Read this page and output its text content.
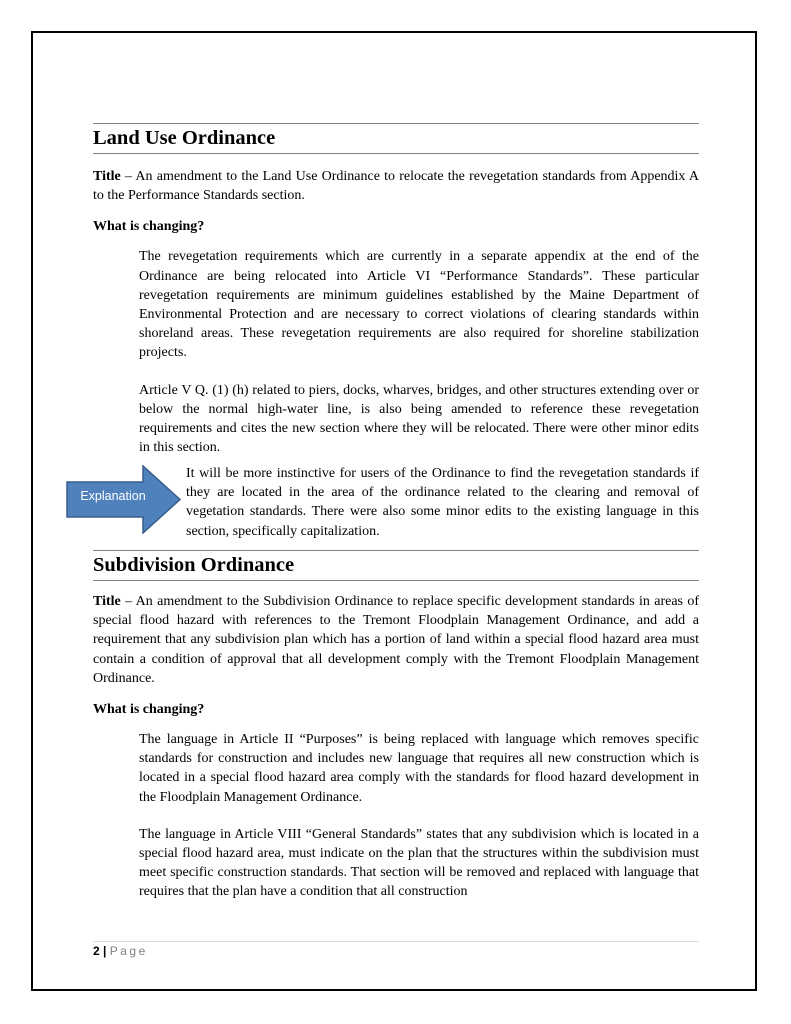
Land Use Ordinance

Title – An amendment to the Land Use Ordinance to relocate the revegetation standards from Appendix A to the Performance Standards section.

What is changing?

The revegetation requirements which are currently in a separate appendix at the end of the Ordinance are being relocated into Article VI “Performance Standards”. These particular revegetation requirements are minimum guidelines established by the Maine Department of Environmental Protection and are necessary to correct violations of clearing standards within shoreland areas. These revegetation requirements are also required for shoreline stabilization projects.

Article V Q. (1) (h) related to piers, docks, wharves, bridges, and other structures extending over or below the normal high-water line, is also being amended to reference these revegetation requirements and cites the new section where they will be relocated. There were other minor edits in this section.

Explanation

It will be more instinctive for users of the Ordinance to find the revegetation standards if they are located in the area of the ordinance related to the clearing and removal of vegetation standards. There were also some minor edits to the existing language in this section, specifically capitalization.

Subdivision Ordinance

Title – An amendment to the Subdivision Ordinance to replace specific development standards in areas of special flood hazard with references to the Tremont Floodplain Management Ordinance, and add a requirement that any subdivision plan which has a portion of land within a special flood hazard area must contain a condition of approval that all development comply with the Tremont Floodplain Management Ordinance.

What is changing?

The language in Article II “Purposes” is being replaced with language which removes specific standards for construction and includes new language that requires all new construction which is located in a special flood hazard area comply with the standards for flood hazard development in the Floodplain Management Ordinance.

The language in Article VIII “General Standards” states that any subdivision which is located in a special flood hazard area, must indicate on the plan that the structures within the subdivision must meet specific construction standards. That section will be removed and replaced with language that requires that the plan have a condition that all construction

2 | Page
